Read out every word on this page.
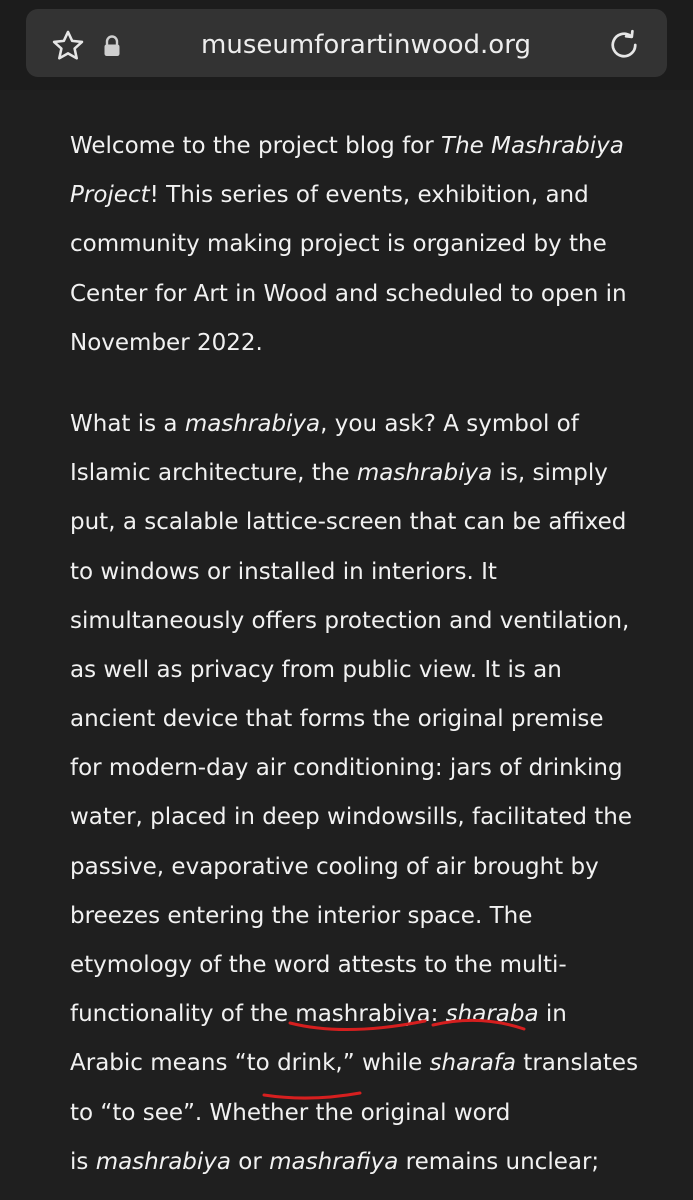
museumforartinwood.org
Welcome to the project blog for The Mashrabiya
Project! This series of events, exhibition, and
community making project is organized by the
Center for Art in Wood and scheduled to open in
November 2022.
What is a mashrabiya, you ask? A symbol of
Islamic architecture, the mashrabiya is, simply
put, a scalable lattice-screen that can be affixed
to windows or installed in interiors. It
simultaneously offers protection and ventilation,
as well as privacy from public view. It is an
ancient device that forms the original premise
for modern-day air conditioning: jars of drinking
water, placed in deep windowsills, facilitated the
passive, evaporative cooling of air brought by
breezes entering the interior space. The
etymology of the word attests to the multi-
functionality of the mashrabiya: sharaba in
Arabic means “to drink,” while sharafa translates
to “to see”. Whether the original word
is mashrabiya or mashrafiya remains unclear;
